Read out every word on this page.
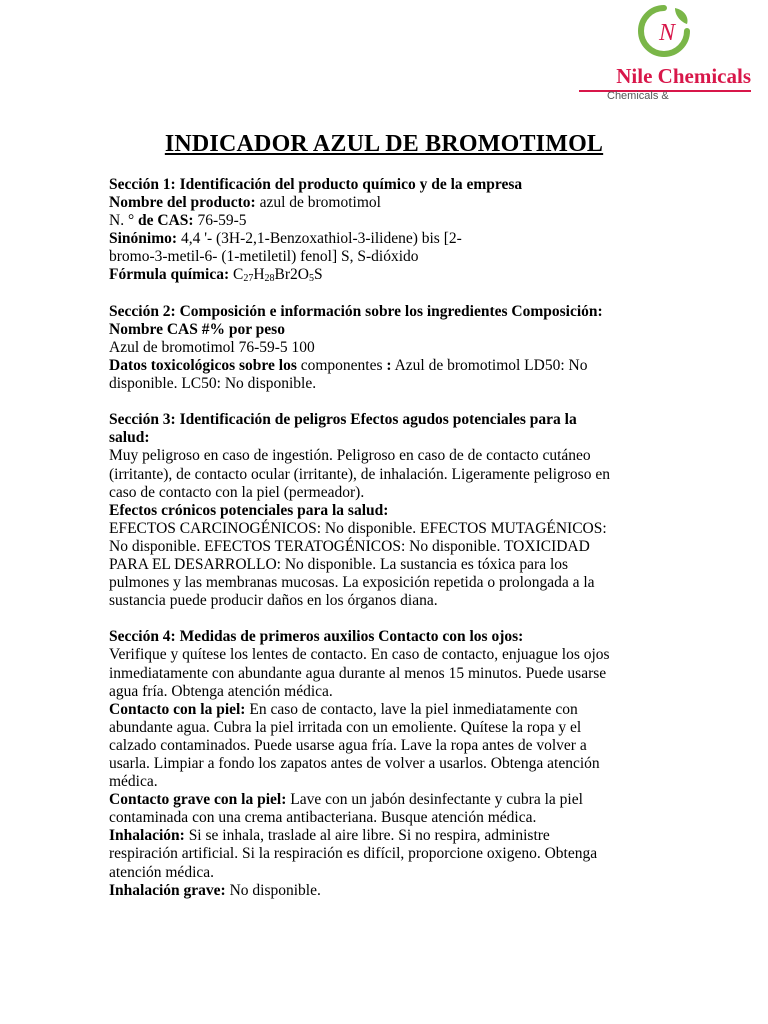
N
Nile Chemicals
Chemicals &
INDICADOR AZUL DE BROMOTIMOL

Sección 1: Identificación del producto químico y de la empresa

Nombre del producto: azul de bromotimol

N. ° de CAS: 76-59-5

Sinónimo: 4,4 '- (3H-2,1-Benzoxathiol-3-ilidene) bis [2-

bromo-3-metil-6- (1-metiletil) fenol] S, S-dióxido

Fórmula química: $C_{27}H_{28}Br2O_5S$

Sección 2: Composición e información sobre los ingredientes Composición:

Nombre CAS #% por peso

Azul de bromotimol 76-59-5 100

Datos toxicológicos sobre los componentes : Azul de bromotimol LD50: No

disponible. LC50: No disponible.

Sección 3: Identificación de peligros Efectos agudos potenciales para la

salud:

Muy peligroso en caso de ingestión. Peligroso en caso de de contacto cutáneo

(irritante), de contacto ocular (irritante), de inhalación. Ligeramente peligroso en

caso de contacto con la piel (permeador).

Efectos crónicos potenciales para la salud:

EFECTOS CARCINOGÉNICOS: No disponible. EFECTOS MUTAGÉNICOS:

No disponible. EFECTOS TERATOGÉNICOS: No disponible. TOXICIDAD

PARA EL DESARROLLO: No disponible. La sustancia es tóxica para los

pulmones y las membranas mucosas. La exposición repetida o prolongada a la

sustancia puede producir daños en los órganos diana.

Sección 4: Medidas de primeros auxilios Contacto con los ojos:

Verifique y quítese los lentes de contacto. En caso de contacto, enjuague los ojos

inmediatamente con abundante agua durante al menos 15 minutos. Puede usarse

agua fría. Obtenga atención médica.

Contacto con la piel: En caso de contacto, lave la piel inmediatamente con

abundante agua. Cubra la piel irritada con un emoliente. Quítese la ropa y el

calzado contaminados. Puede usarse agua fría. Lave la ropa antes de volver a

usarla. Limpiar a fondo los zapatos antes de volver a usarlos. Obtenga atención

médica.

Contacto grave con la piel: Lave con un jabón desinfectante y cubra la piel

contaminada con una crema antibacteriana. Busque atención médica.

Inhalación: Si se inhala, traslade al aire libre. Si no respira, administre

respiración artificial. Si la respiración es difícil, proporcione oxigeno. Obtenga

atención médica.

Inhalación grave: No disponible.
